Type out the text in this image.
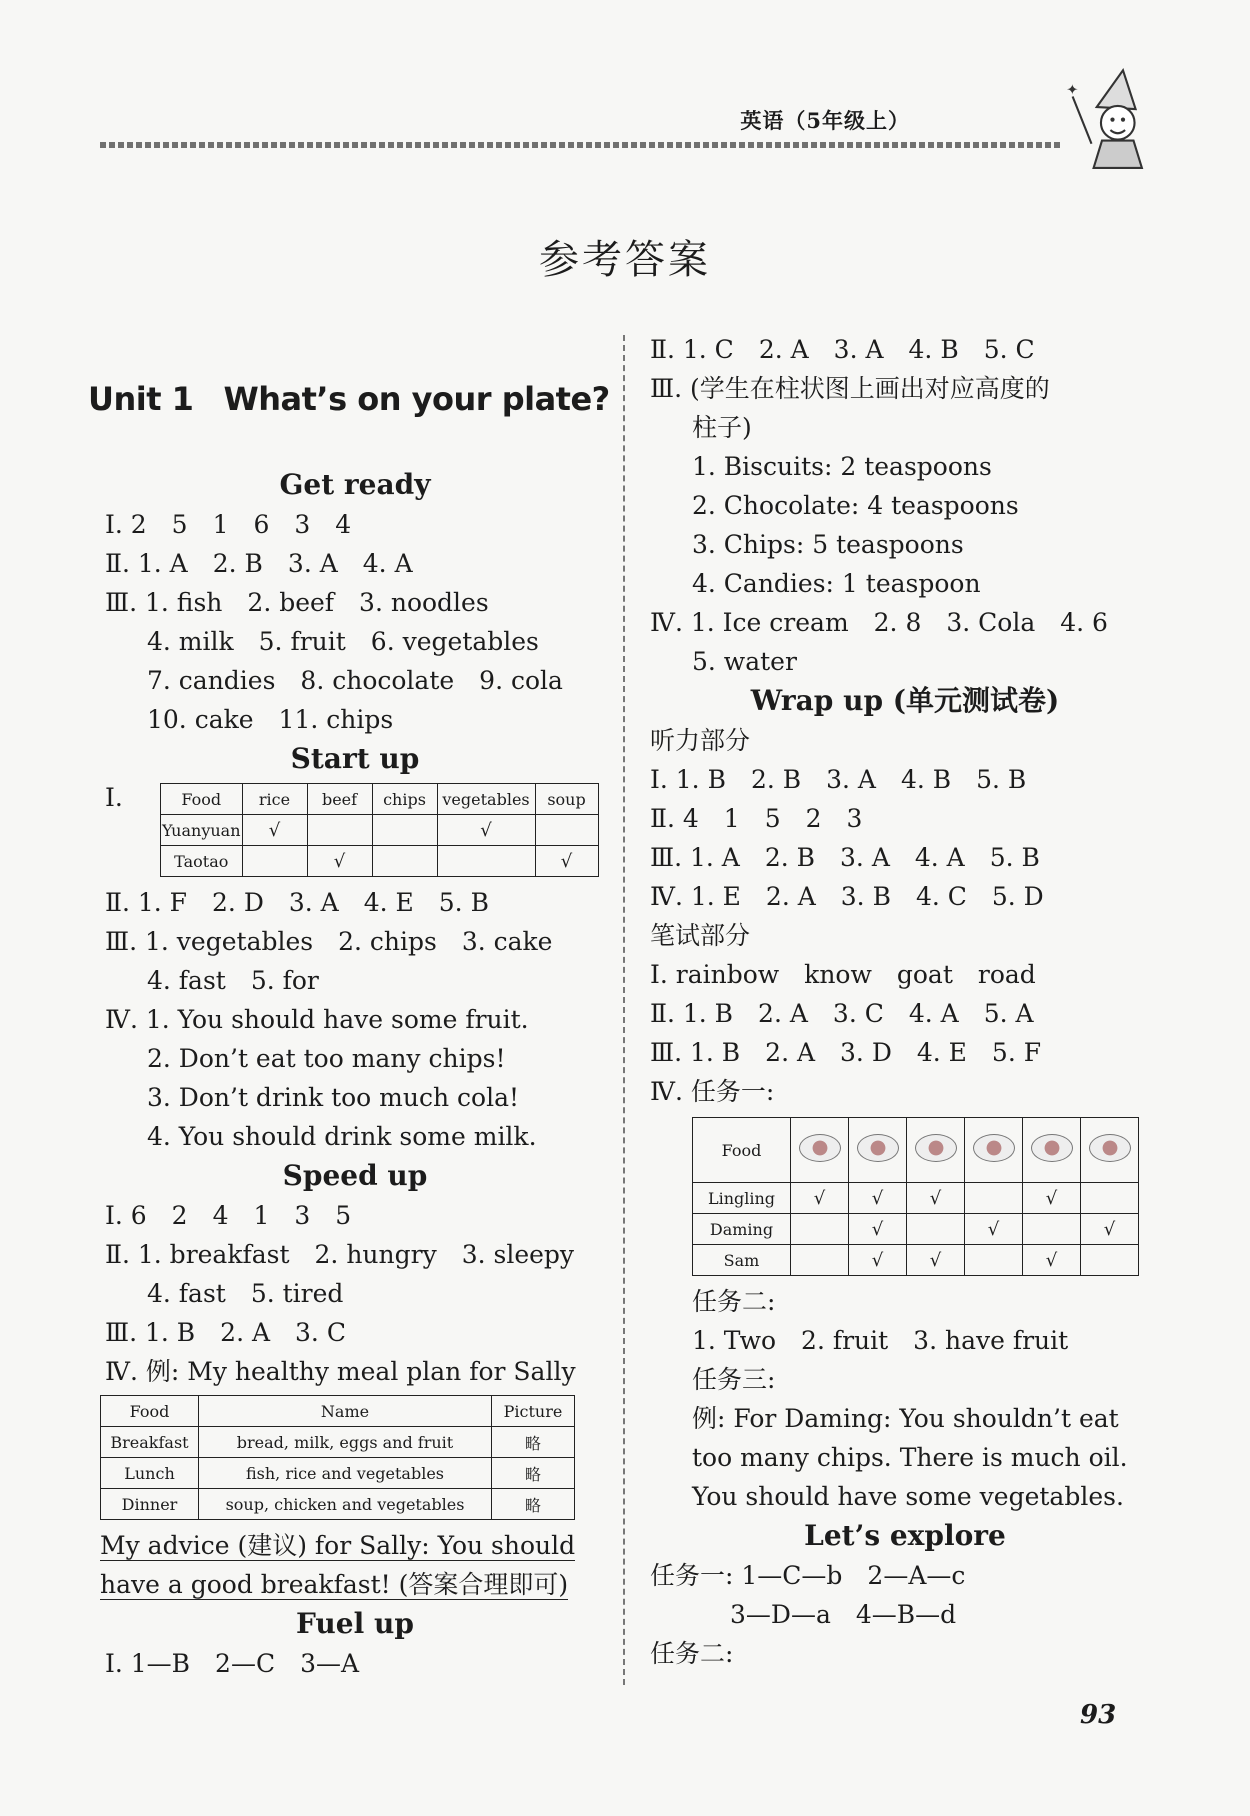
英语（5年级上）
✦
参考答案
Unit 1 What’s on your plate?
Get ready
Ⅰ. 2　5　1　6　3　4
Ⅱ. 1. A　2. B　3. A　4. A
Ⅲ. 1. fish　2. beef　3. noodles
4. milk　5. fruit　6. vegetables
7. candies　8. chocolate　9. cola
10. cake　11. chips
Start up
Ⅰ.	Food	rice	beef	chips	vegetables	soup
Yuanyuan	√			√	
Taotao		√			√
Ⅱ. 1. F　2. D　3. A　4. E　5. B
Ⅲ. 1. vegetables　2. chips　3. cake
4. fast　5. for
Ⅳ. 1. You should have some fruit.
2. Don’t eat too many chips!
3. Don’t drink too much cola!
4. You should drink some milk.
Speed up
Ⅰ. 6　2　4　1　3　5
Ⅱ. 1. breakfast　2. hungry　3. sleepy
4. fast　5. tired
Ⅲ. 1. B　2. A　3. C
Ⅳ. 例: My healthy meal plan for Sally
Food	Name	Picture
Breakfast	bread, milk, eggs and fruit	略
Lunch	fish, rice and vegetables	略
Dinner	soup, chicken and vegetables	略
My advice (建议) for Sally: You should
have a good breakfast! (答案合理即可)
Fuel up
Ⅰ. 1—B　2—C　3—A
Ⅱ. 1. C　2. A　3. A　4. B　5. C
Ⅲ. (学生在柱状图上画出对应高度的
柱子)
1. Biscuits: 2 teaspoons
2. Chocolate: 4 teaspoons
3. Chips: 5 teaspoons
4. Candies: 1 teaspoon
Ⅳ. 1. Ice cream　2. 8　3. Cola　4. 6
5. water
Wrap up (单元测试卷)
听力部分
Ⅰ. 1. B　2. B　3. A　4. B　5. B
Ⅱ. 4　1　5　2　3
Ⅲ. 1. A　2. B　3. A　4. A　5. B
Ⅳ. 1. E　2. A　3. B　4. C　5. D
笔试部分
Ⅰ. rainbow　know　goat　road
Ⅱ. 1. B　2. A　3. C　4. A　5. A
Ⅲ. 1. B　2. A　3. D　4. E　5. F
Ⅳ. 任务一:
Food						
Lingling	√	√	√		√	
Daming		√		√		√
Sam		√	√		√	
任务二:
1. Two　2. fruit　3. have fruit
任务三:
例: For Daming: You shouldn’t eat
too many chips. There is much oil.
You should have some vegetables.
Let’s explore
任务一: 1—C—b　2—A—c
3—D—a　4—B—d
任务二:
93
